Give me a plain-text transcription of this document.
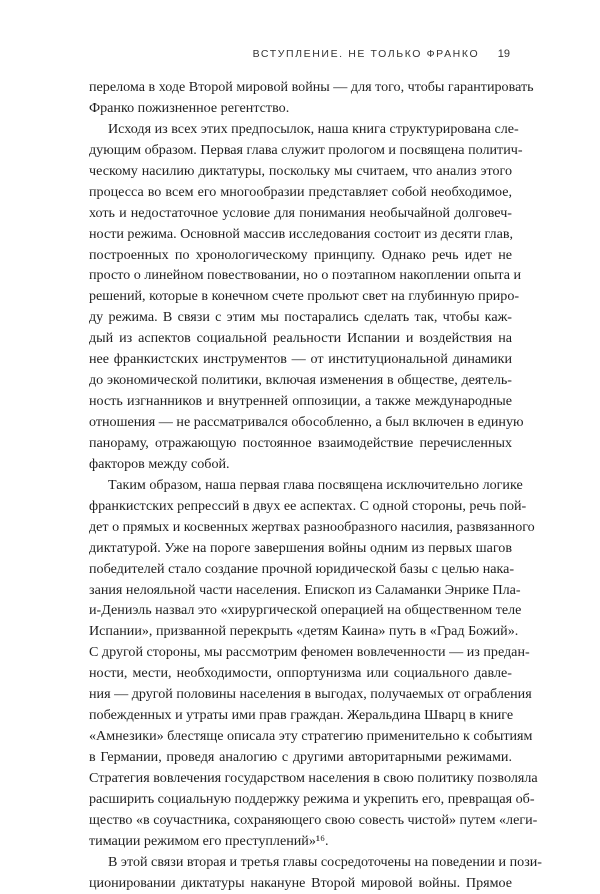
ВСТУПЛЕНИЕ. НЕ ТОЛЬКО ФРАНКО 19
перелома в ходе Второй мировой войны — для того, чтобы гарантировать
Франко пожизненное регентство.
Исходя из всех этих предпосылок, наша книга структурирована сле-
дующим образом. Первая глава служит прологом и посвящена политич-
ческому насилию диктатуры, поскольку мы считаем, что анализ этого
процесса во всем его многообразии представляет собой необходимое,
хоть и недостаточное условие для понимания необычайной долговеч-
ности режима. Основной массив исследования состоит из десяти глав,
построенных по хронологическому принципу. Однако речь идет не
просто о линейном повествовании, но о поэтапном накоплении опыта и
решений, которые в конечном счете прольют свет на глубинную приро-
ду режима. В связи с этим мы постарались сделать так, чтобы каж-
дый из аспектов социальной реальности Испании и воздействия на
нее франкистских инструментов — от институциональной динамики
до экономической политики, включая изменения в обществе, деятель-
ность изгнанников и внутренней оппозиции, а также международные
отношения — не рассматривался обособленно, а был включен в единую
панораму, отражающую постоянное взаимодействие перечисленных
факторов между собой.
Таким образом, наша первая глава посвящена исключительно логике
франкистских репрессий в двух ее аспектах. С одной стороны, речь пой-
дет о прямых и косвенных жертвах разнообразного насилия, развязанного
диктатурой. Уже на пороге завершения войны одним из первых шагов
победителей стало создание прочной юридической базы с целью нака-
зания нелояльной части населения. Епископ из Саламанки Энрике Пла-
и-Дениэль назвал это «хирургической операцией на общественном теле
Испании», призванной перекрыть «детям Каина» путь в «Град Божий».
С другой стороны, мы рассмотрим феномен вовлеченности — из предан-
ности, мести, необходимости, оппортунизма или социального давле-
ния — другой половины населения в выгодах, получаемых от ограбления
побежденных и утраты ими прав граждан. Жеральдина Шварц в книге
«Амнезики» блестяще описала эту стратегию применительно к событиям
в Германии, проведя аналогию с другими авторитарными режимами.
Стратегия вовлечения государством населения в свою политику позволяла
расширить социальную поддержку режима и укрепить его, превращая об-
щество «в соучастника, сохраняющего свою совесть чистой» путем «леги-
тимации режимом его преступлений»¹⁶.
В этой связи вторая и третья главы сосредоточены на поведении и пози-
ционировании диктатуры накануне Второй мировой войны. Прямое
